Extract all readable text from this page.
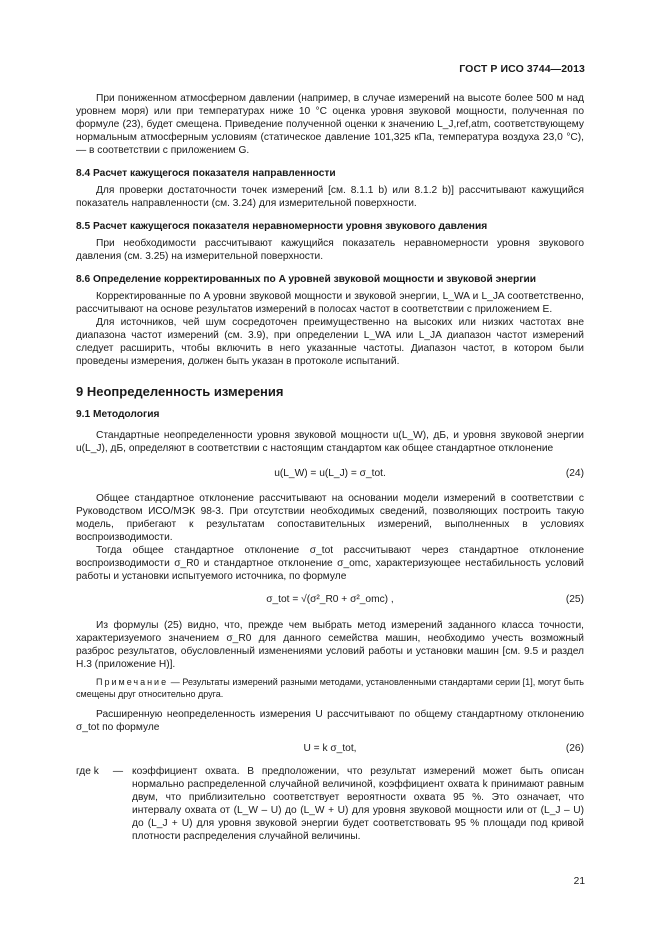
ГОСТ Р ИСО 3744—2013

При пониженном атмосферном давлении (например, в случае измерений на высоте более 500 м над уровнем моря) или при температурах ниже 10 °С оценка уровня звуковой мощности, полученная по формуле (23), будет смещена. Приведение полученной оценки к значению L_J,ref,atm, соответствующему нормальным атмосферным условиям (статическое давление 101,325 кПа, температура воздуха 23,0 °С), — в соответствии с приложением G.

8.4 Расчет кажущегося показателя направленности

Для проверки достаточности точек измерений [см. 8.1.1 b) или 8.1.2 b)] рассчитывают кажущийся показатель направленности (см. 3.24) для измерительной поверхности.

8.5 Расчет кажущегося показателя неравномерности уровня звукового давления

При необходимости рассчитывают кажущийся показатель неравномерности уровня звукового давления (см. 3.25) на измерительной поверхности.

8.6 Определение корректированных по A уровней звуковой мощности и звуковой энергии

Корректированные по A уровни звуковой мощности и звуковой энергии, L_WA и L_JA соответственно, рассчитывают на основе результатов измерений в полосах частот в соответствии с приложением Е.

Для источников, чей шум сосредоточен преимущественно на высоких или низких частотах вне диапазона частот измерений (см. 3.9), при определении L_WA или L_JA диапазон частот измерений следует расширить, чтобы включить в него указанные частоты. Диапазон частот, в котором были проведены измерения, должен быть указан в протоколе испытаний.

9 Неопределенность измерения
9.1 Методология

Стандартные неопределенности уровня звуковой мощности u(L_W), дБ, и уровня звуковой энергии u(L_J), дБ, определяют в соответствии с настоящим стандартом как общее стандартное отклонение

u(L_W) = u(L_J) = σ_tot.	(24)

Общее стандартное отклонение рассчитывают на основании модели измерений в соответствии с Руководством ИСО/МЭК 98-3. При отсутствии необходимых сведений, позволяющих построить такую модель, прибегают к результатам сопоставительных измерений, выполненных в условиях воспроизводимости.

Тогда общее стандартное отклонение σ_tot рассчитывают через стандартное отклонение воспроизводимости σ_R0 и стандартное отклонение σ_omc, характеризующее нестабильность условий работы и установки испытуемого источника, по формуле

σ_tot = √(σ²_R0 + σ²_omc) ,	(25)

Из формулы (25) видно, что, прежде чем выбрать метод измерений заданного класса точности, характеризуемого значением σ_R0 для данного семейства машин, необходимо учесть возможный разброс результатов, обусловленный изменениями условий работы и установки машин [см. 9.5 и раздел Н.3 (приложение Н)].

Примечание — Результаты измерений разными методами, установленными стандартами серии [1], могут быть смещены друг относительно друга.

Расширенную неопределенность измерения U рассчитывают по общему стандартному отклонению σ_tot по формуле

U = k σ_tot,	(26)
где k	— коэффициент охвата. В предположении, что результат измерений может быть описан нормально распределенной случайной величиной, коэффициент охвата k принимают равным двум, что приблизительно соответствует вероятности охвата 95 %. Это означает, что интервалу охвата от (L_W – U) до (L_W + U) для уровня звуковой мощности или от (L_J – U) до (L_J + U) для уровня звуковой энергии будет соответствовать 95 % площади под кривой плотности распределения случайной величины.
21
